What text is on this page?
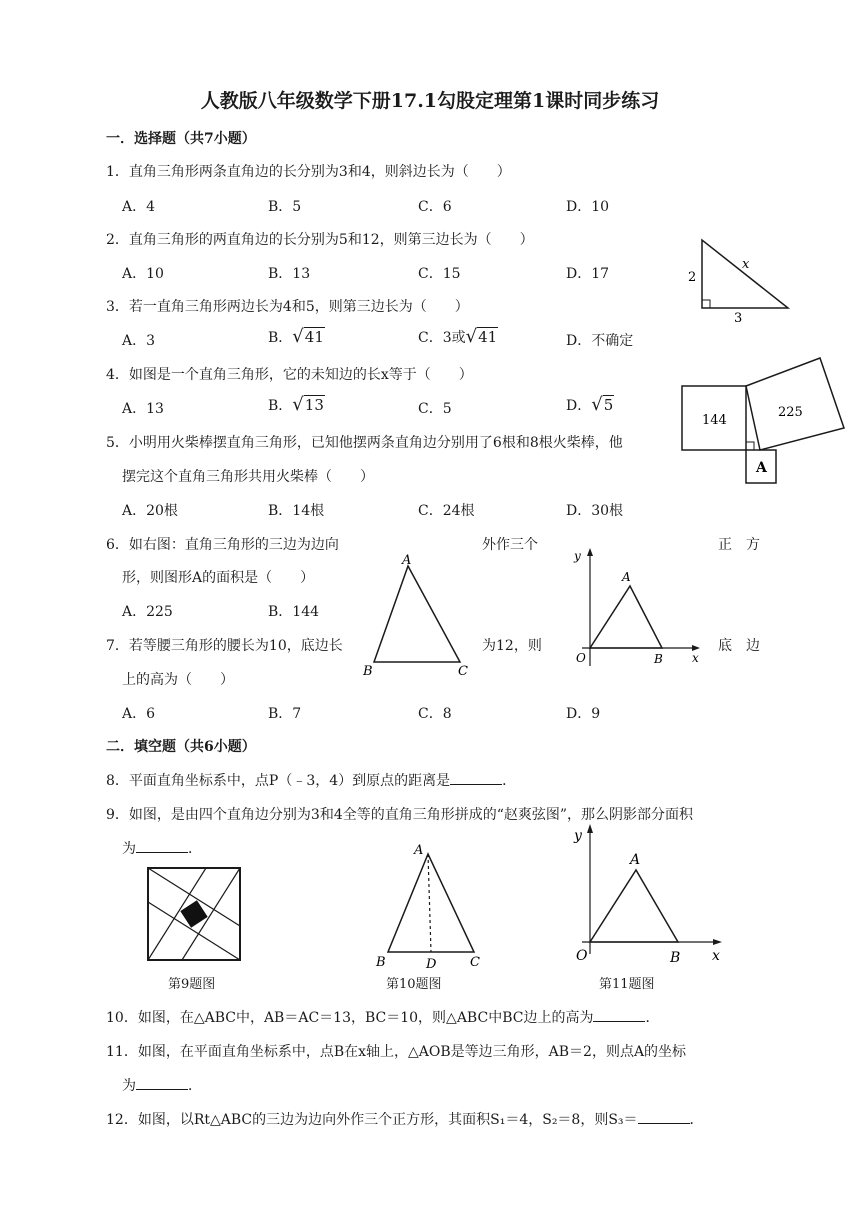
人教版八年级数学下册17.1勾股定理第1课时同步练习
一．选择题（共7小题）
1．直角三角形两条直角边的长分别为3和4，则斜边长为（　　）
A．4	B．5	C．6	D．10
2．直角三角形的两直角边的长分别为5和12，则第三边长为（　　）
A．10	B．13	C．15	D．17
3．若一直角三角形两边长为4和5，则第三边长为（　　）
A．3	B．√41	C．3或√41	D．不确定
4．如图是一个直角三角形，它的未知边的长x等于（　　）
A．13	B．√13	C．5	D．√5
5．小明用火柴棒摆直角三角形，已知他摆两条直角边分别用了6根和8根火柴棒，他
摆完这个直角三角形共用火柴棒（　　）
A．20根	B．14根	C．24根	D．30根
6．如右图：直角三角形的三边为边向	外作三个	正　方
形，则图形A的面积是（　　）
A．225	B．144
7．若等腰三角形的腰长为10，底边长	为12，则	底　边
上的高为（　　）
A．6	B．7	C．8	D．9
二．填空题（共6小题）
8．平面直角坐标系中，点P（﹣3，4）到原点的距离是	．
9．如图，是由四个直角边分别为3和4全等的直角三角形拼成的“赵爽弦图”，那么阴影部分面积
为	．
第9题图	第10题图	第11题图
10．如图，在△ABC中，AB＝AC＝13，BC＝10，则△ABC中BC边上的高为	．
11．如图，在平面直角坐标系中，点B在x轴上，△AOB是等边三角形，AB＝2，则点A的坐标
为	．
12．如图，以Rt△ABC的三边为边向外作三个正方形，其面积S₁＝4，S₂＝8，则S₃＝	．
2
3
x
144
225
A
A
B	C
y
A
O	B x
A
B	D	C
y
A
O	B x
